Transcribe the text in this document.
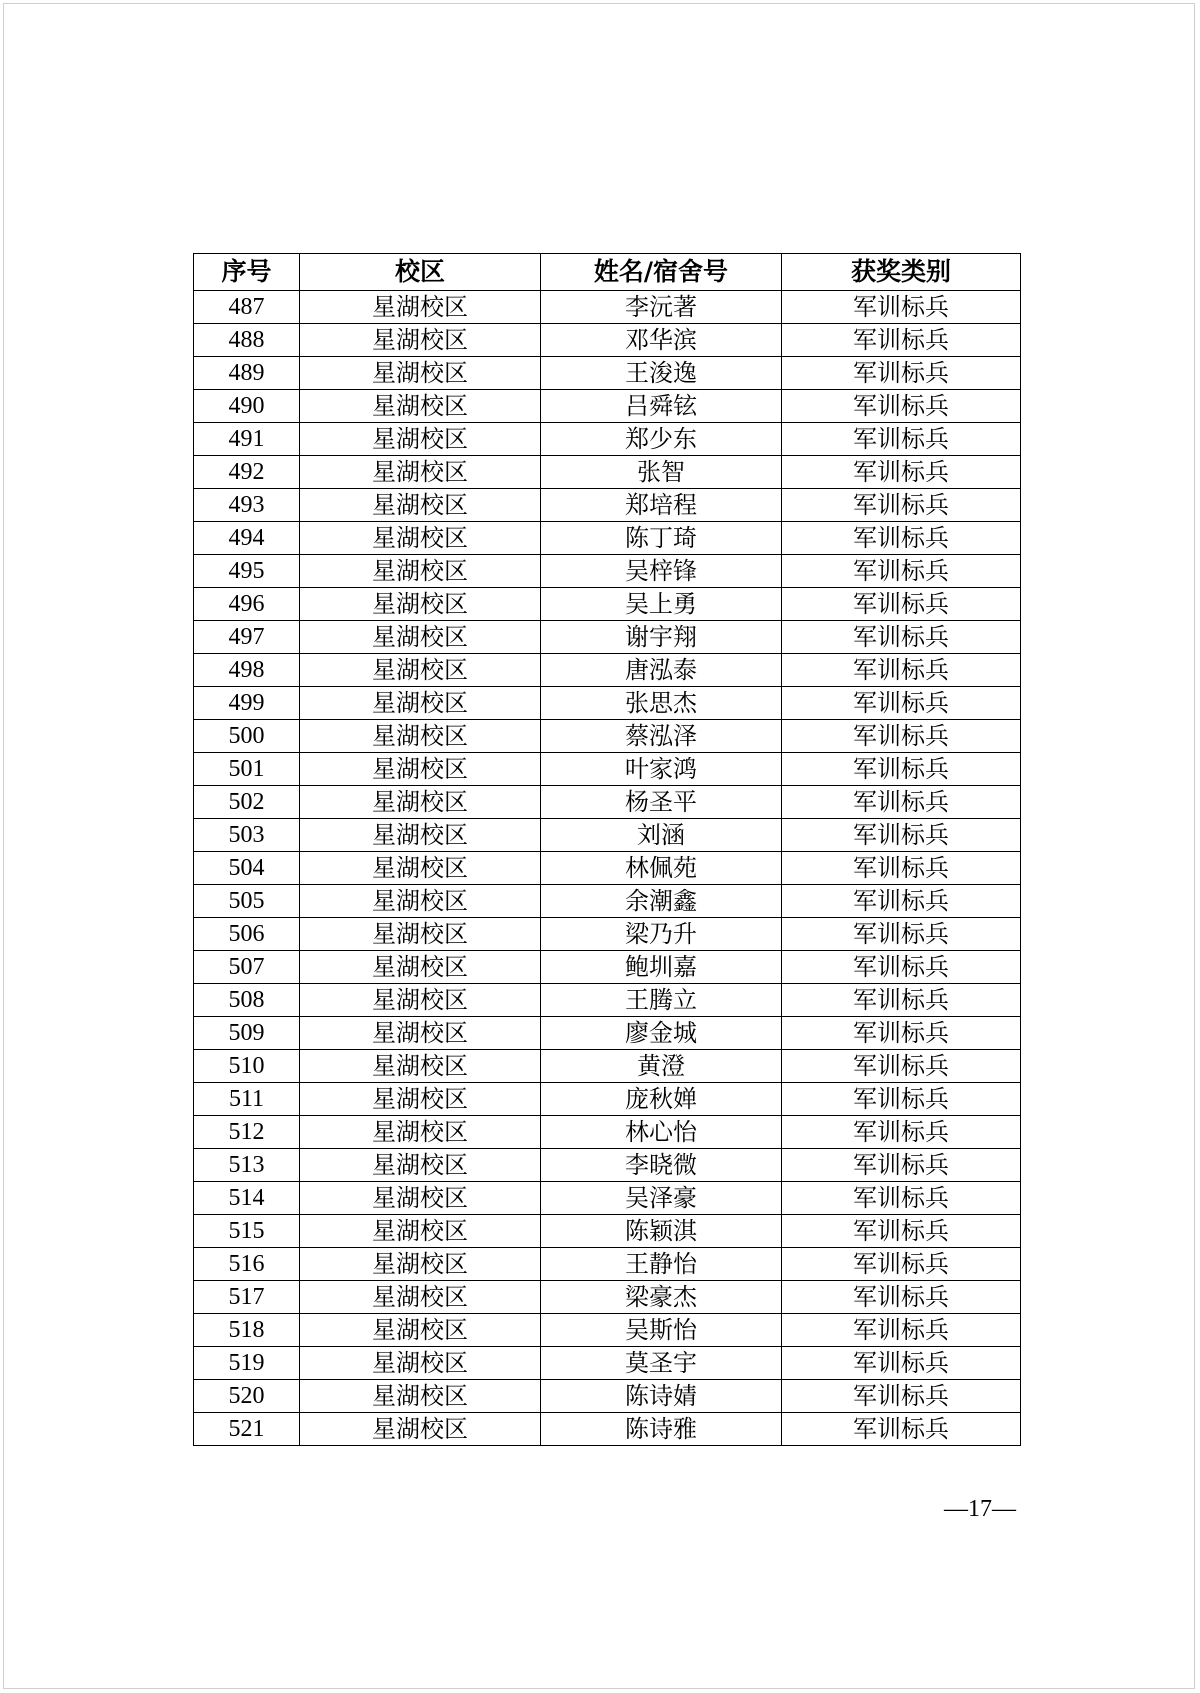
序号	校区	姓名/宿舍号	获奖类别
487	星湖校区	李沅著	军训标兵
488	星湖校区	邓华滨	军训标兵
489	星湖校区	王浚逸	军训标兵
490	星湖校区	吕舜铉	军训标兵
491	星湖校区	郑少东	军训标兵
492	星湖校区	张智	军训标兵
493	星湖校区	郑培程	军训标兵
494	星湖校区	陈丁琦	军训标兵
495	星湖校区	吴梓锋	军训标兵
496	星湖校区	吴上勇	军训标兵
497	星湖校区	谢宇翔	军训标兵
498	星湖校区	唐泓泰	军训标兵
499	星湖校区	张思杰	军训标兵
500	星湖校区	蔡泓泽	军训标兵
501	星湖校区	叶家鸿	军训标兵
502	星湖校区	杨圣平	军训标兵
503	星湖校区	刘涵	军训标兵
504	星湖校区	林佩苑	军训标兵
505	星湖校区	余潮鑫	军训标兵
506	星湖校区	梁乃升	军训标兵
507	星湖校区	鲍圳嘉	军训标兵
508	星湖校区	王腾立	军训标兵
509	星湖校区	廖金城	军训标兵
510	星湖校区	黄澄	军训标兵
511	星湖校区	庞秋婵	军训标兵
512	星湖校区	林心怡	军训标兵
513	星湖校区	李晓微	军训标兵
514	星湖校区	吴泽豪	军训标兵
515	星湖校区	陈颖淇	军训标兵
516	星湖校区	王静怡	军训标兵
517	星湖校区	梁豪杰	军训标兵
518	星湖校区	吴斯怡	军训标兵
519	星湖校区	莫圣宇	军训标兵
520	星湖校区	陈诗婧	军训标兵
521	星湖校区	陈诗雅	军训标兵
—17—
